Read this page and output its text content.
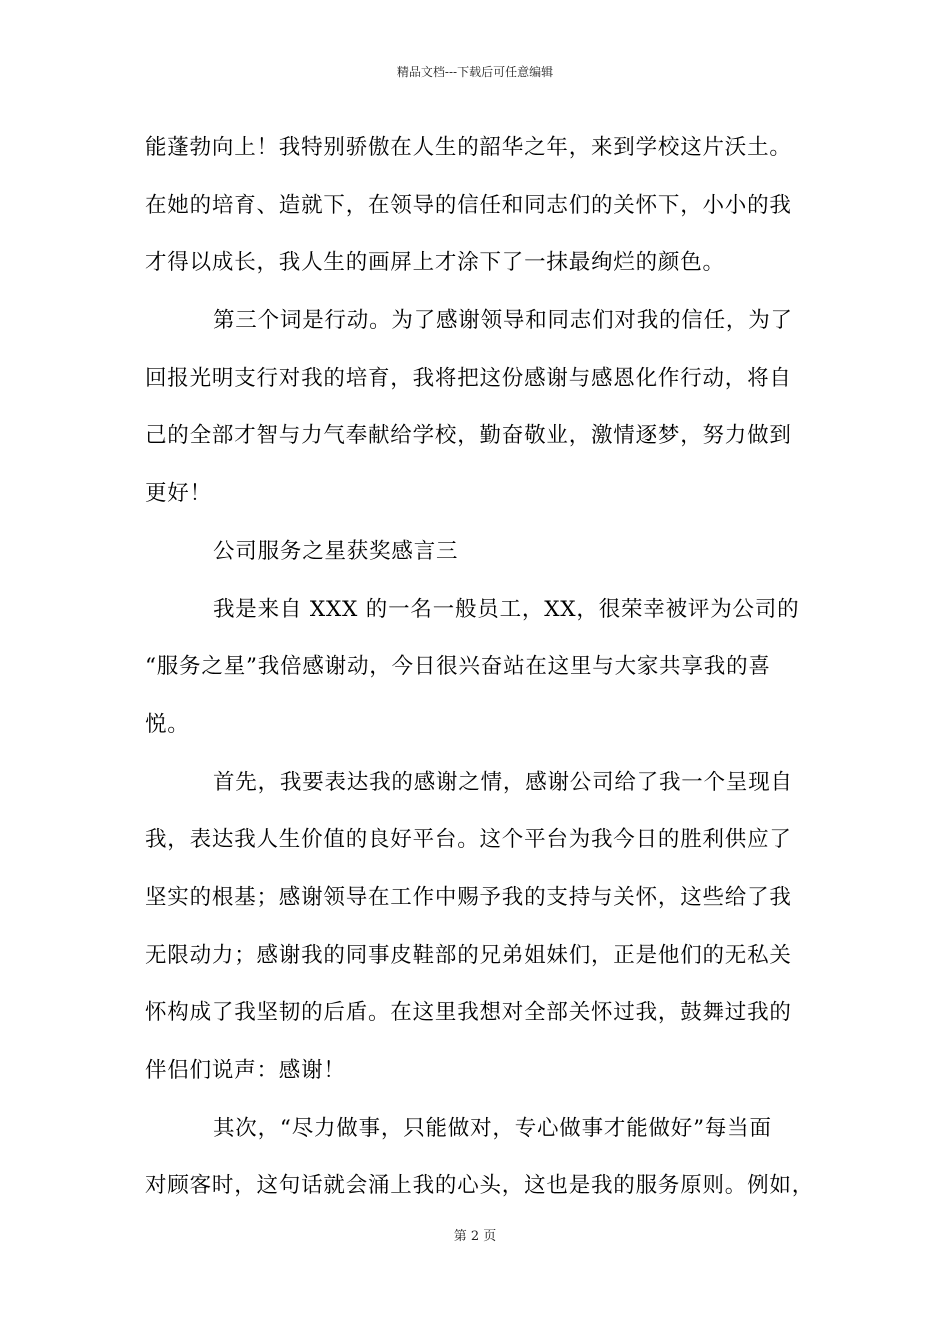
精品文档---下载后可任意编辑
能蓬勃向上！我特别骄傲在人生的韶华之年，来到学校这片沃土。
在她的培育、造就下，在领导的信任和同志们的关怀下，小小的我
才得以成长，我人生的画屏上才涂下了一抹最绚烂的颜色。
第三个词是行动。为了感谢领导和同志们对我的信任，为了
回报光明支行对我的培育，我将把这份感谢与感恩化作行动，将自
己的全部才智与力气奉献给学校，勤奋敬业，激情逐梦，努力做到
更好！
公司服务之星获奖感言三
我是来自 XXX 的一名一般员工，XX，很荣幸被评为公司的
“服务之星”我倍感谢动，今日很兴奋站在这里与大家共享我的喜
悦。
首先，我要表达我的感谢之情，感谢公司给了我一个呈现自
我，表达我人生价值的良好平台。这个平台为我今日的胜利供应了
坚实的根基；感谢领导在工作中赐予我的支持与关怀，这些给了我
无限动力；感谢我的同事皮鞋部的兄弟姐妹们，正是他们的无私关
怀构成了我坚韧的后盾。在这里我想对全部关怀过我，鼓舞过我的
伴侣们说声：感谢！
其次，“尽力做事，只能做对，专心做事才能做好”每当面
对顾客时，这句话就会涌上我的心头，这也是我的服务原则。例如，
第 2 页
